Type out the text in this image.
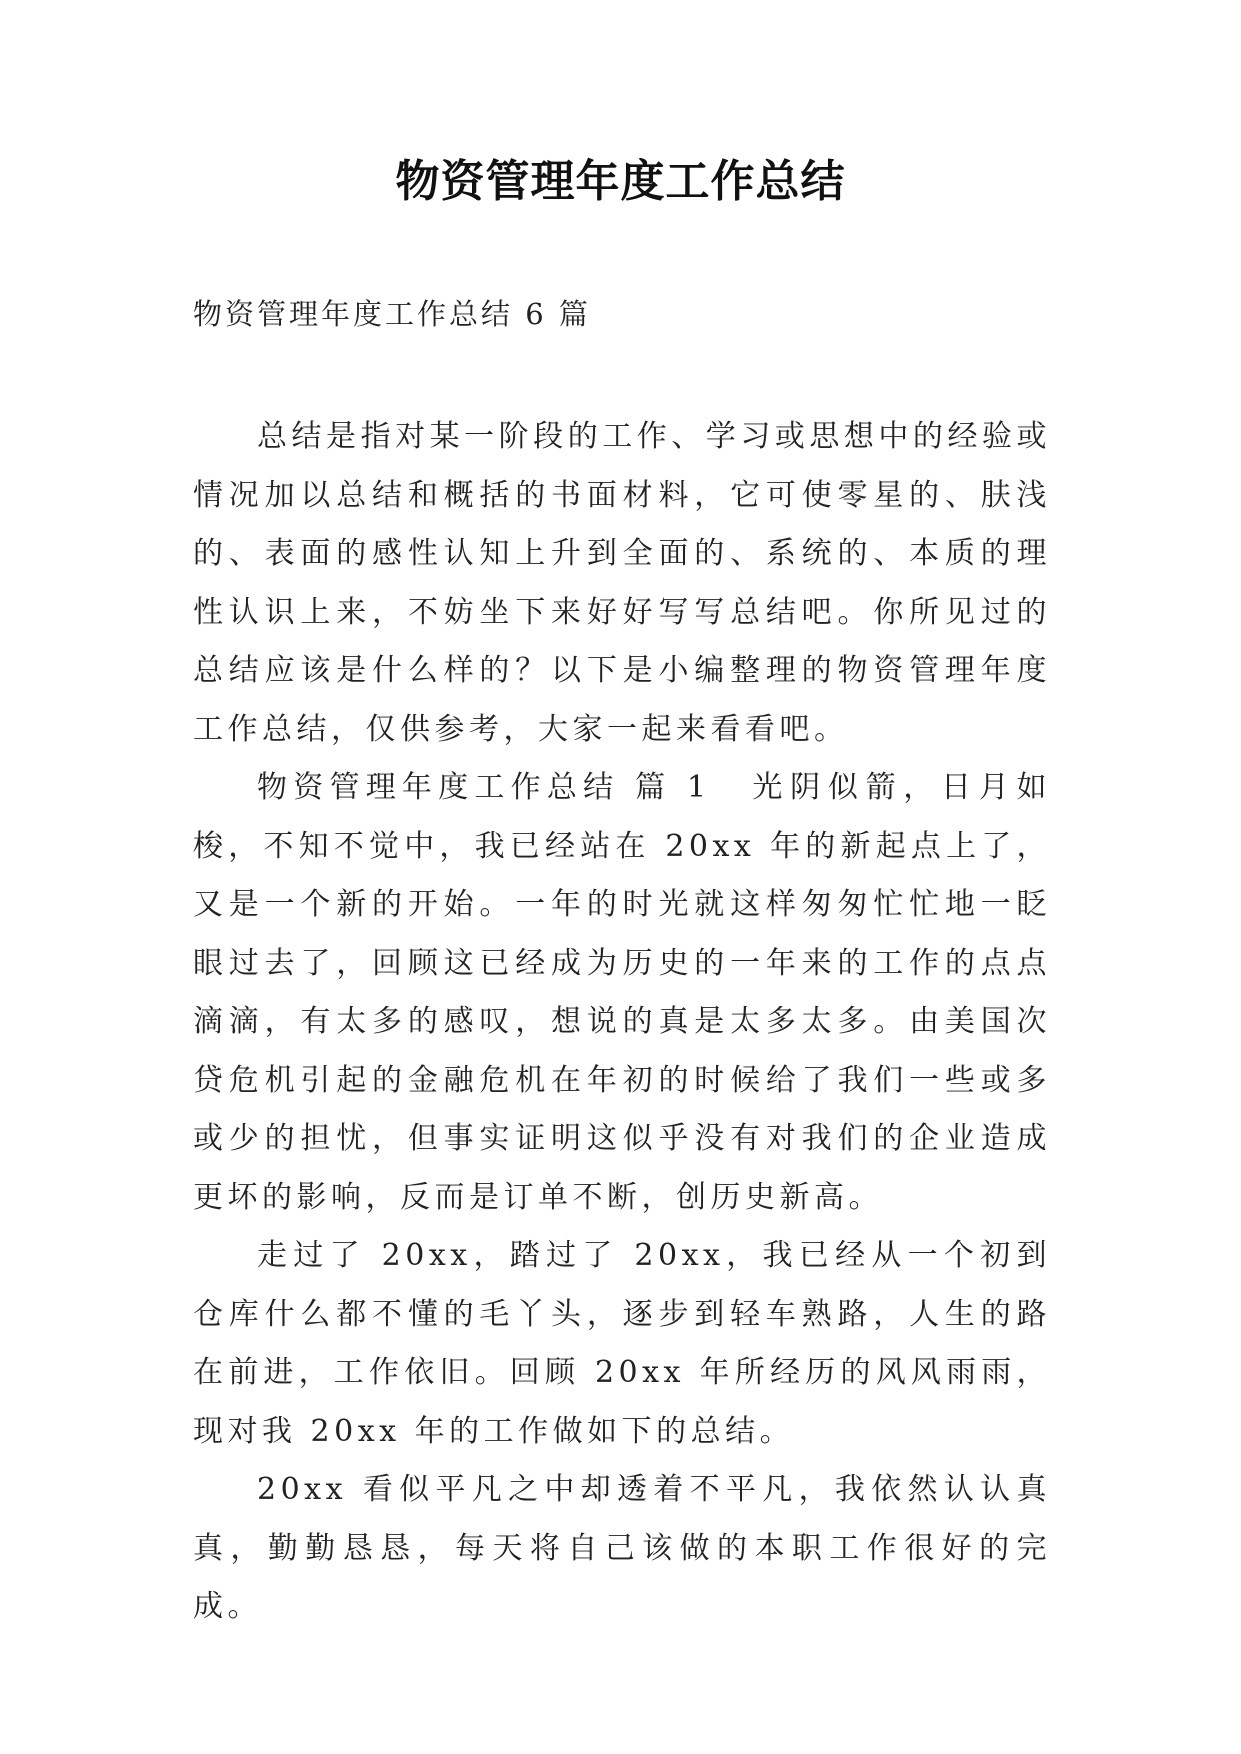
物资管理年度工作总结
物资管理年度工作总结 6 篇

总结是指对某一阶段的工作、学习或思想中的经验或情况加以总结和概括的书面材料，它可使零星的、肤浅的、表面的感性认知上升到全面的、系统的、本质的理性认识上来，不妨坐下来好好写写总结吧。你所见过的总结应该是什么样的？以下是小编整理的物资管理年度工作总结，仅供参考，大家一起来看看吧。

物资管理年度工作总结 篇 1 光阴似箭，日月如梭，不知不觉中，我已经站在 20xx 年的新起点上了，又是一个新的开始。一年的时光就这样匆匆忙忙地一眨眼过去了，回顾这已经成为历史的一年来的工作的点点滴滴，有太多的感叹，想说的真是太多太多。由美国次贷危机引起的金融危机在年初的时候给了我们一些或多或少的担忧，但事实证明这似乎没有对我们的企业造成更坏的影响，反而是订单不断，创历史新高。

走过了 20xx，踏过了 20xx，我已经从一个初到仓库什么都不懂的毛丫头，逐步到轻车熟路，人生的路在前进，工作依旧。回顾 20xx 年所经历的风风雨雨，现对我 20xx 年的工作做如下的总结。

20xx 看似平凡之中却透着不平凡，我依然认认真真，勤勤恳恳，每天将自己该做的本职工作很好的完成。
